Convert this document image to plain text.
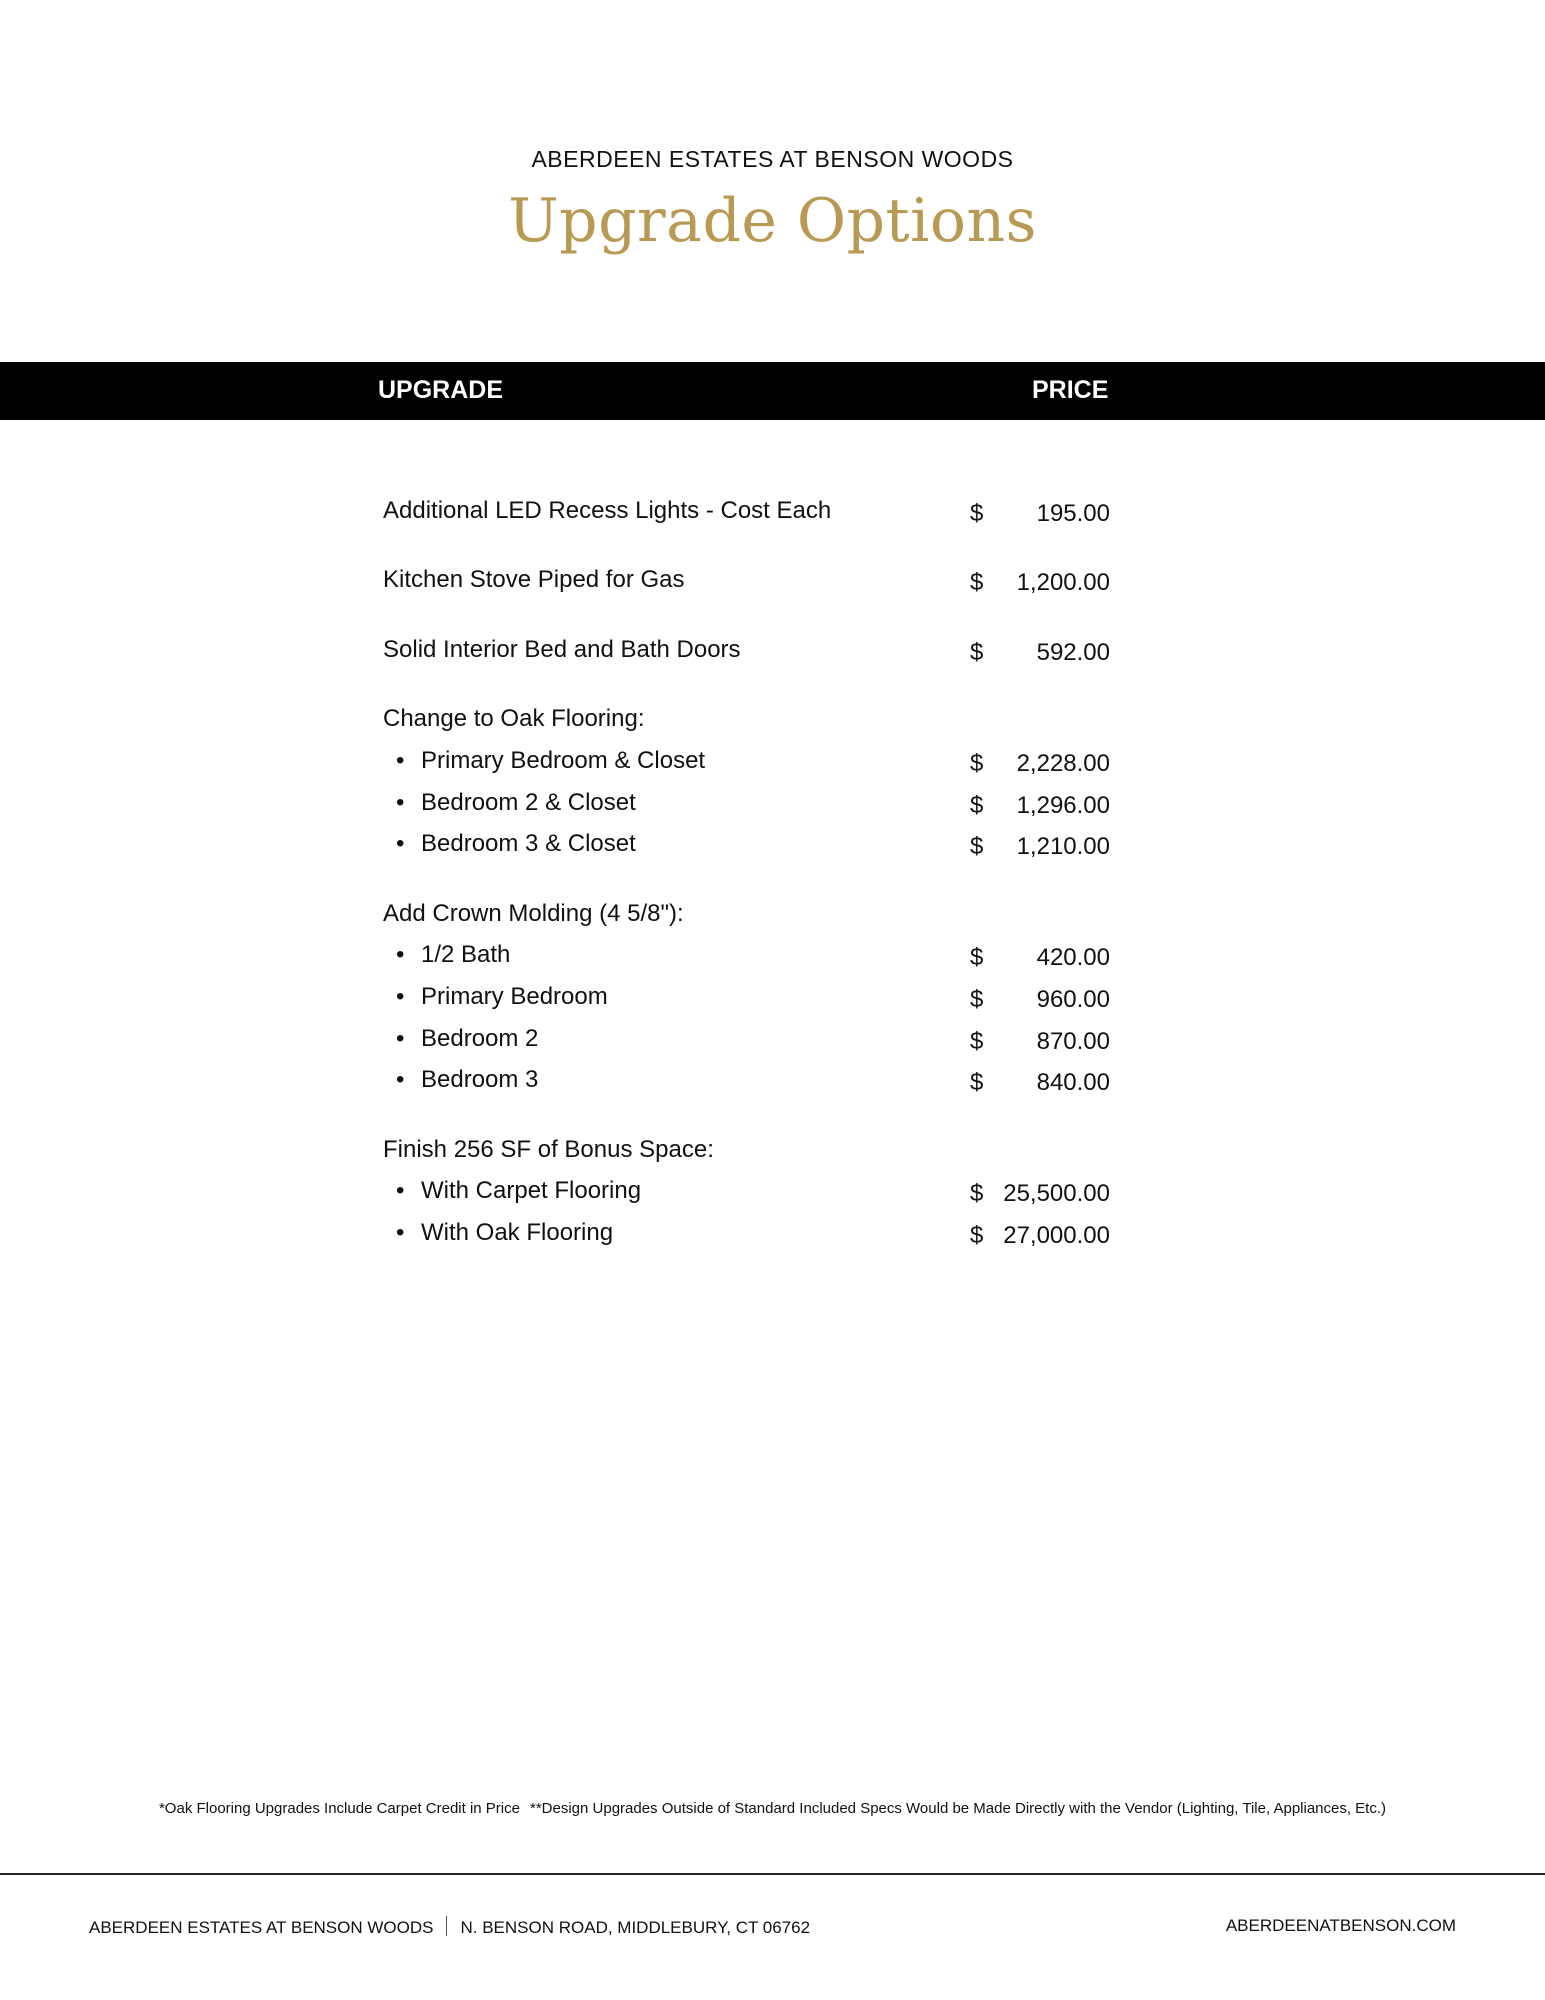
ABERDEEN ESTATES AT BENSON WOODS
Upgrade Options
UPGRADE	PRICE
Additional LED Recess Lights - Cost Each	$ 195.00
Kitchen Stove Piped for Gas	$ 1,200.00
Solid Interior Bed and Bath Doors	$ 592.00
Change to Oak Flooring:
• Primary Bedroom & Closet	$ 2,228.00
• Bedroom 2 & Closet	$ 1,296.00
• Bedroom 3 & Closet	$ 1,210.00
Add Crown Molding (4 5/8"):
• 1/2 Bath	$ 420.00
• Primary Bedroom	$ 960.00
• Bedroom 2	$ 870.00
• Bedroom 3	$ 840.00
Finish 256 SF of Bonus Space:
• With Carpet Flooring	$ 25,500.00
• With Oak Flooring	$ 27,000.00
*Oak Flooring Upgrades Include Carpet Credit in Price **Design Upgrades Outside of Standard Included Specs Would be Made Directly with the Vendor (Lighting, Tile, Appliances, Etc.)
ABERDEEN ESTATES AT BENSON WOODS N. BENSON ROAD, MIDDLEBURY, CT 06762	ABERDEENATBENSON.COM
